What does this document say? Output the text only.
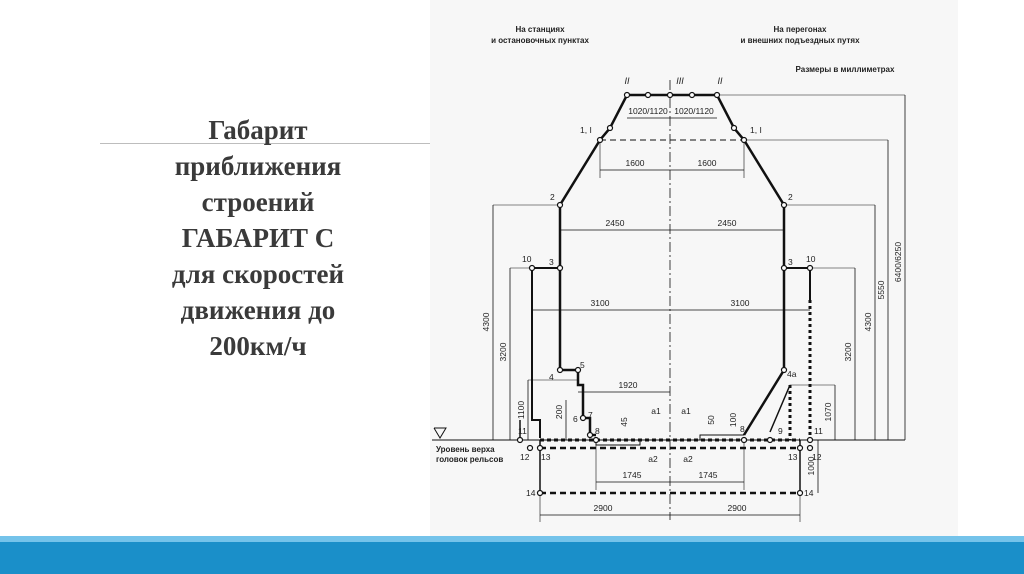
Габарит
приближения
строений
ГАБАРИТ С
для скоростей
движения до
200км/ч
На станциях
и остановочных пунктах
На перегонах
и внешних подъездных путях
Размеры в миллиметрах
Уровень верха
головок рельсов
II	III	II
1020/1120 1020/1120
1600	1600
2450	2450
3100	3100
1920
1745	1745
2900	2900
a1 a1
a2	a2
4300
3200
1100	200
45	50 100	1070
3200
4300
5550
6400/6250
1000
1, I	1, I
2	2
3	3
10	10
4
5
4a
6 7
8	8	9
11	11
12 13	12
13
14	14
